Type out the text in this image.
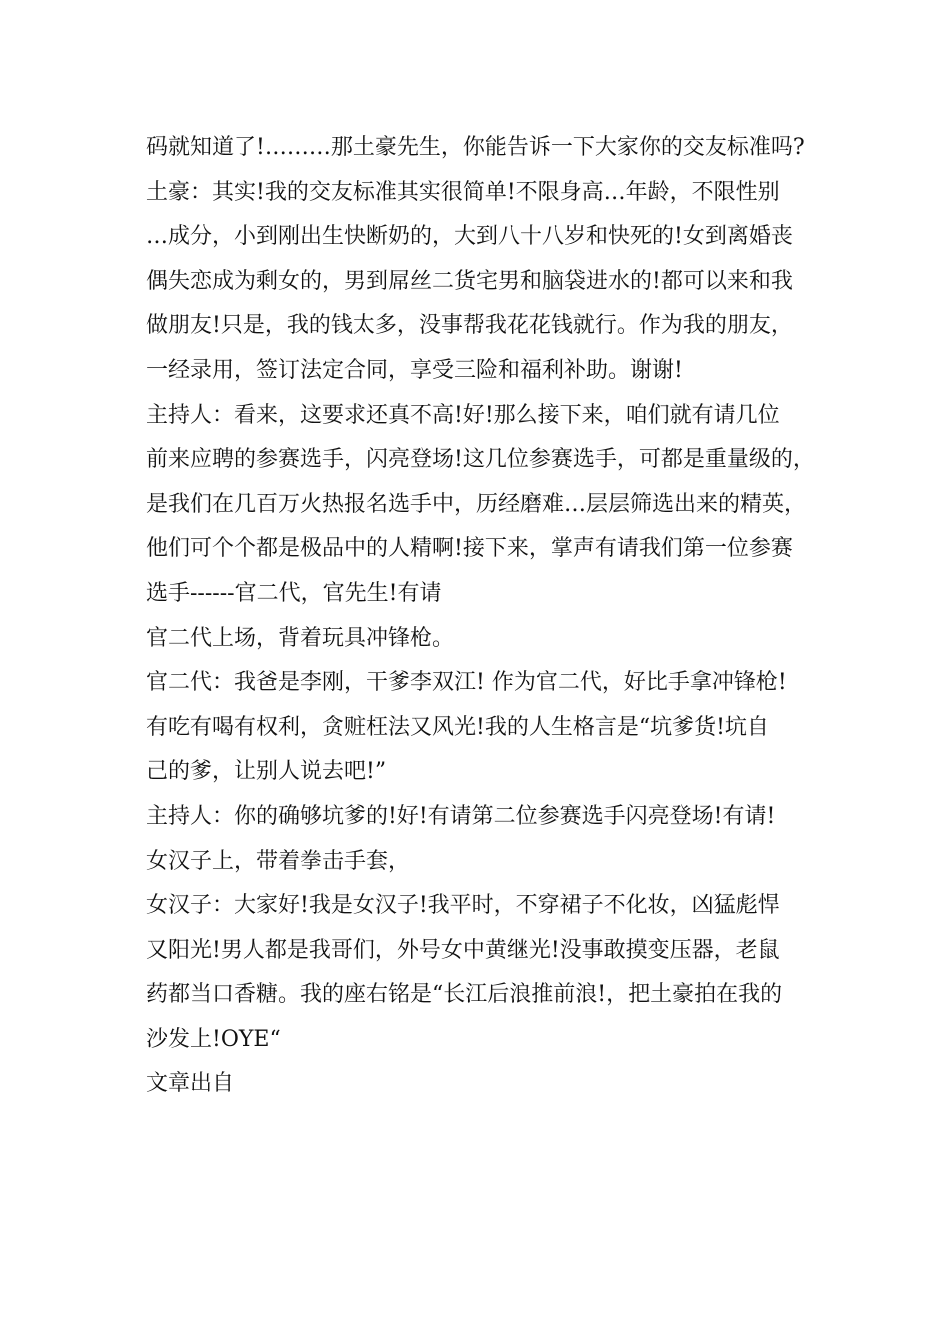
码就知道了!………那土豪先生，你能告诉一下大家你的交友标准吗?
土豪：其实!我的交友标准其实很简单!不限身高…年龄，不限性别
…成分，小到刚出生快断奶的，大到八十八岁和快死的!女到离婚丧
偶失恋成为剩女的，男到屌丝二货宅男和脑袋进水的!都可以来和我
做朋友!只是，我的钱太多，没事帮我花花钱就行。作为我的朋友，
一经录用，签订法定合同，享受三险和福利补助。谢谢!
主持人：看来，这要求还真不高!好!那么接下来，咱们就有请几位
前来应聘的参赛选手，闪亮登场!这几位参赛选手，可都是重量级的，
是我们在几百万火热报名选手中，历经磨难…层层筛选出来的精英，
他们可个个都是极品中的人精啊!接下来，掌声有请我们第一位参赛
选手------官二代，官先生!有请
官二代上场，背着玩具冲锋枪。
官二代：我爸是李刚，干爹李双江! 作为官二代，好比手拿冲锋枪!
有吃有喝有权利，贪赃枉法又风光!我的人生格言是“坑爹货!坑自
己的爹，让别人说去吧!”
主持人：你的确够坑爹的!好!有请第二位参赛选手闪亮登场!有请!
女汉子上，带着拳击手套，
女汉子：大家好!我是女汉子!我平时，不穿裙子不化妆，凶猛彪悍
又阳光!男人都是我哥们，外号女中黄继光!没事敢摸变压器，老鼠
药都当口香糖。我的座右铭是“长江后浪推前浪!，把土豪拍在我的
沙发上!OYE“
文章出自
